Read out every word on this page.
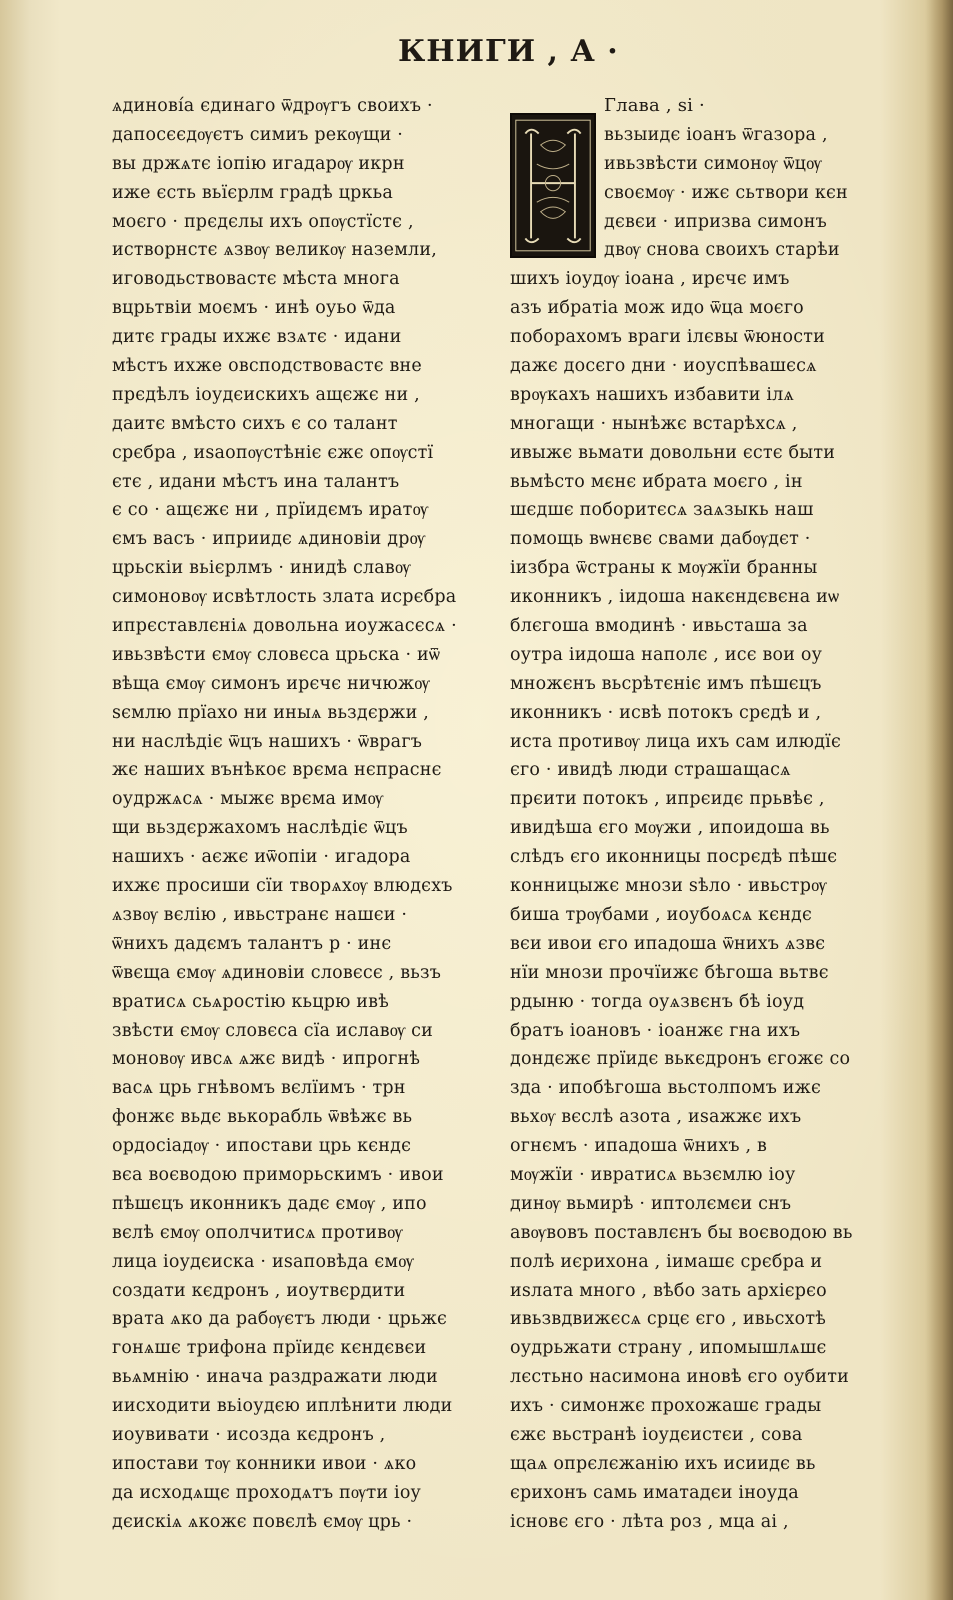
КНИГИ , А ·
ѧдинові́а єдинаго ѿдрѹгъ своихъ ·
дапосєєдѹєтъ симиъ рекѹщи ·
вы држѧтє іопію игадарѹ икрн
иже єсть вьїєрлм градѣ цркьа
моєго · прєдєлы ихъ опѹстїстє ,
истворнстє ѧзвѹ великѹ наземли,
иговодьствовастє мѣста многа
вцрьтвіи моємъ · инѣ оуьо ѿда
дитє грады ихжє взѧтє · идани
мѣстъ ихже овсподствовастє вне
прєдѣлъ іоудєискихъ ащєжє ни ,
даитє вмѣсто сихъ є со талант
срєбра , иѕаопѹстѣніє єжє опѹстї
єтє , идани мѣстъ ина талантъ
є со · ащєжє ни , прїидємъ иратѹ
ємъ васъ · иприидє ѧдиновіи дрѹ
црьскіи вьієрлмъ · инидѣ славѹ
симоновѹ исвѣтлость злата исрєбра
ипрєставлєніѧ довольна иоужасєсѧ ·
ивьзвѣсти ємѹ словєса црьска · иѿ
вѣща ємѹ симонъ ирєчє ничюжѹ
ѕємлю прїахо ни иныѧ вьздєржи ,
ни наслѣдіє ѿцъ нашихъ · ѿврагъ
жє наших вънѣкоє врєма нєпраснє
оудржѧсѧ · мыжє врєма имѹ
щи вьздєржахомъ наслѣдіє ѿцъ
нашихъ · аєжє иѿопіи · игадора
ихжє просиши сїи творѧхѹ влюдєхъ
ѧзвѹ вєлію , ивьстранє нашєи ·
ѿнихъ дадємъ талантъ р · инє
ѿвєща ємѹ ѧдиновіи словєсє , вьзъ
вратисѧ сьѧростію кьцрю ивѣ
звѣсти ємѹ словєса сїа иславѹ си
моновѹ ивсѧ ѧжє видѣ · ипрогнѣ
васѧ црь гнѣвомъ вєлїимъ · трн
фонжє вьдє вькорабль ѿвѣжє вь
ордосіадѹ · ипостави црь кєндє
вєа воєводою приморьскимъ · ивои
пѣшєцъ иконникъ дадє ємѹ , ипо
вєлѣ ємѹ ополчитисѧ противѹ
лица іоудєиска · иѕаповѣда ємѹ
создати кєдронъ , иоутвєрдити
врата ѧко да рабѹєтъ люди · црьжє
гонѧшє трифона прїидє кєндєвєи
вьѧмнію · инача раздражати люди
иисходити вьіоудєю иплѣнити люди
иоувивати · исозда кєдронъ ,
ипостави тѹ конники ивои · ѧко
да исходѧщє проходѧтъ пѹти іоу
дєискіѧ ѧкожє повєлѣ ємѹ црь ·
Глава , ѕі ·
вьзыидє іоанъ ѿгазора ,
ивьзвѣсти симонѹ ѿцѹ
своємѹ · ижє сьтвори кєн
дєвєи · ипризва симонъ
двѹ снова своихъ старѣи
шихъ іоудѹ іоана , ирєчє имъ
азъ ибратіа мож идо ѿца моєго
поборахомъ враги ілєвы ѿюности
дажє досєго дни · иоуспѣвашєсѧ
врѹкахъ нашихъ избавити ілѧ
многащи · нынѣжє встарѣхсѧ ,
ивыжє вьмати довольни єстє быти
вьмѣсто мєнє ибрата моєго , ін
шєдшє поборитєсѧ заѧзыкь наш
помощь вѡнєвє свами дабѹдєт ·
іизбра ѿстраны к мѹжїи бранны
иконникъ , іидоша накєндєвєна иѡ
блєгоша вмодинѣ · ивьсташа за
оутра іидоша наполє , исє вои оу
множєнъ вьсрѣтєніє имъ пѣшєцъ
иконникъ · исвѣ потокъ срєдѣ и ,
иста противѹ лица ихъ сам илюдїє
єго · ивидѣ люди страшащасѧ
прєити потокъ , ипрєидє прьвѣє ,
ивидѣша єго мѹжи , ипоидоша вь
слѣдъ єго иконницы посрєдѣ пѣшє
конницыжє мнози ѕѣло · ивьстрѹ
биша трѹбами , иоубоѧсѧ кєндє
вєи ивои єго ипадоша ѿнихъ ѧзвє
нїи мнози прочїижє бѣгоша вьтвє
рдыню · тогда оуѧзвєнъ бѣ іоуд
братъ іоановъ · іоанжє гна ихъ
дондєжє прїидє вькєдронъ єгожє со
зда · ипобѣгоша вьстолпомъ ижє
вьхѹ вєслѣ азота , иѕажжє ихъ
огнємъ · ипадоша ѿнихъ , в
мѹжїи · ивратисѧ вьзємлю іоу
динѹ вьмирѣ · иптолємєи снъ
авѹвовъ поставлєнъ бы воєводою вь
полѣ иєрихона , іимашє срєбра и
иѕлата много , вѣбо зать архієрєо
ивьзвдвижєсѧ срцє єго , ивьсхотѣ
оудрьжати страну , ипомышлѧшє
лєстьно насимона иновѣ єго оубити
ихъ · симонжє прохожашє грады
єжє вьстранѣ іоудєистєи , сова
щаѧ опрєлєжанію ихъ исиидє вь
єрихонъ самь иматадєи іноуда
існовє єго · лѣта роз , мца аі ,
